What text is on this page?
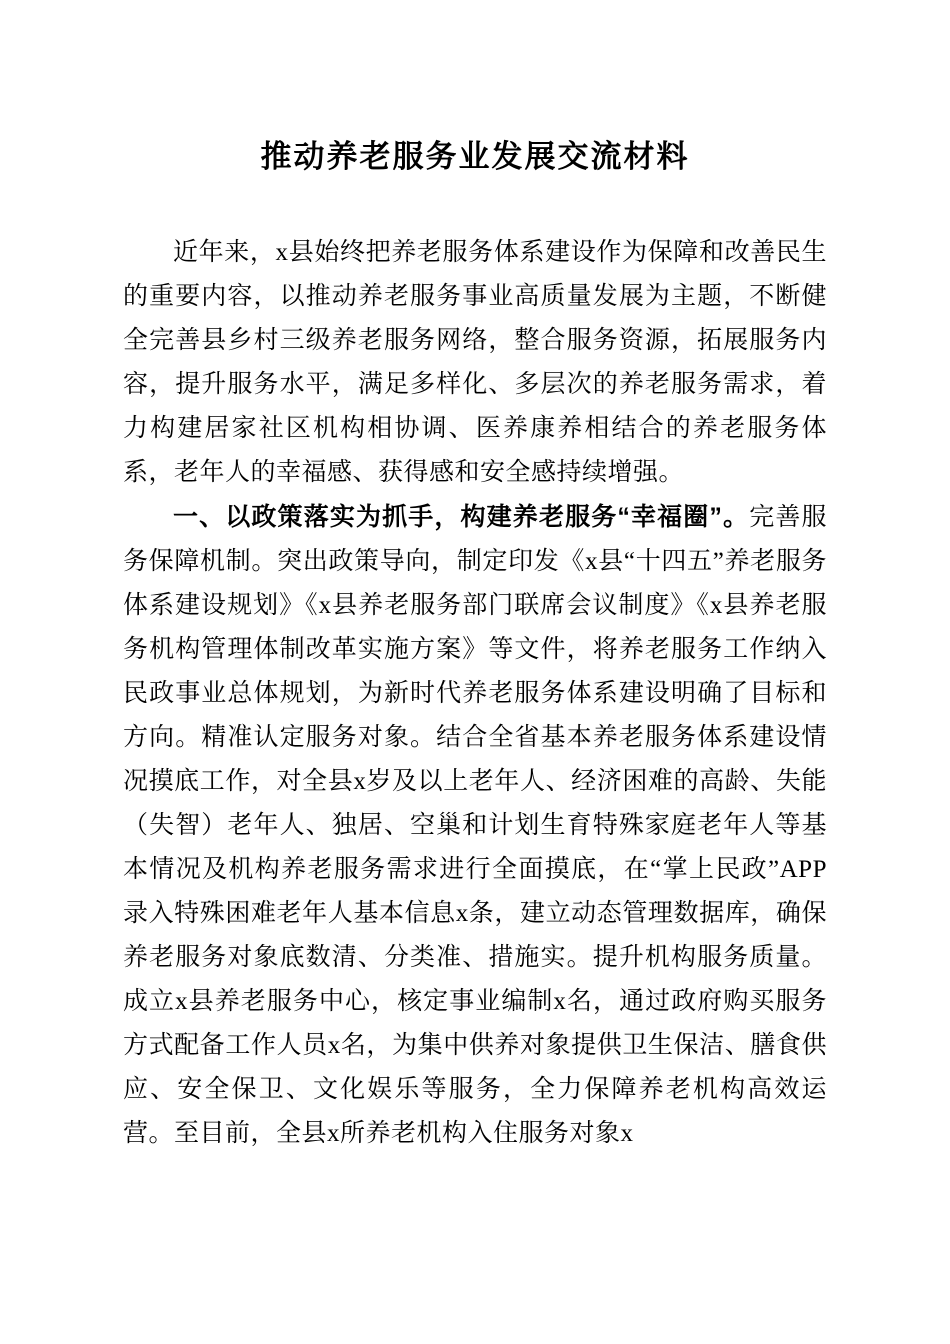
推动养老服务业发展交流材料

近年来，x县始终把养老服务体系建设作为保障和改善民生的重要内容，以推动养老服务事业高质量发展为主题，不断健全完善县乡村三级养老服务网络，整合服务资源，拓展服务内容，提升服务水平，满足多样化、多层次的养老服务需求，着力构建居家社区机构相协调、医养康养相结合的养老服务体系，老年人的幸福感、获得感和安全感持续增强。

一、以政策落实为抓手，构建养老服务“幸福圈”。完善服务保障机制。突出政策导向，制定印发《x县“十四五”养老服务体系建设规划》《x县养老服务部门联席会议制度》《x县养老服务机构管理体制改革实施方案》等文件，将养老服务工作纳入民政事业总体规划，为新时代养老服务体系建设明确了目标和方向。精准认定服务对象。结合全省基本养老服务体系建设情况摸底工作，对全县x岁及以上老年人、经济困难的高龄、失能（失智）老年人、独居、空巢和计划生育特殊家庭老年人等基本情况及机构养老服务需求进行全面摸底，在“掌上民政”APP录入特殊困难老年人基本信息x条，建立动态管理数据库，确保养老服务对象底数清、分类准、措施实。提升机构服务质量。成立x县养老服务中心，核定事业编制x名，通过政府购买服务方式配备工作人员x名，为集中供养对象提供卫生保洁、膳食供应、安全保卫、文化娱乐等服务，全力保障养老机构高效运营。至目前，全县x所养老机构入住服务对象x
